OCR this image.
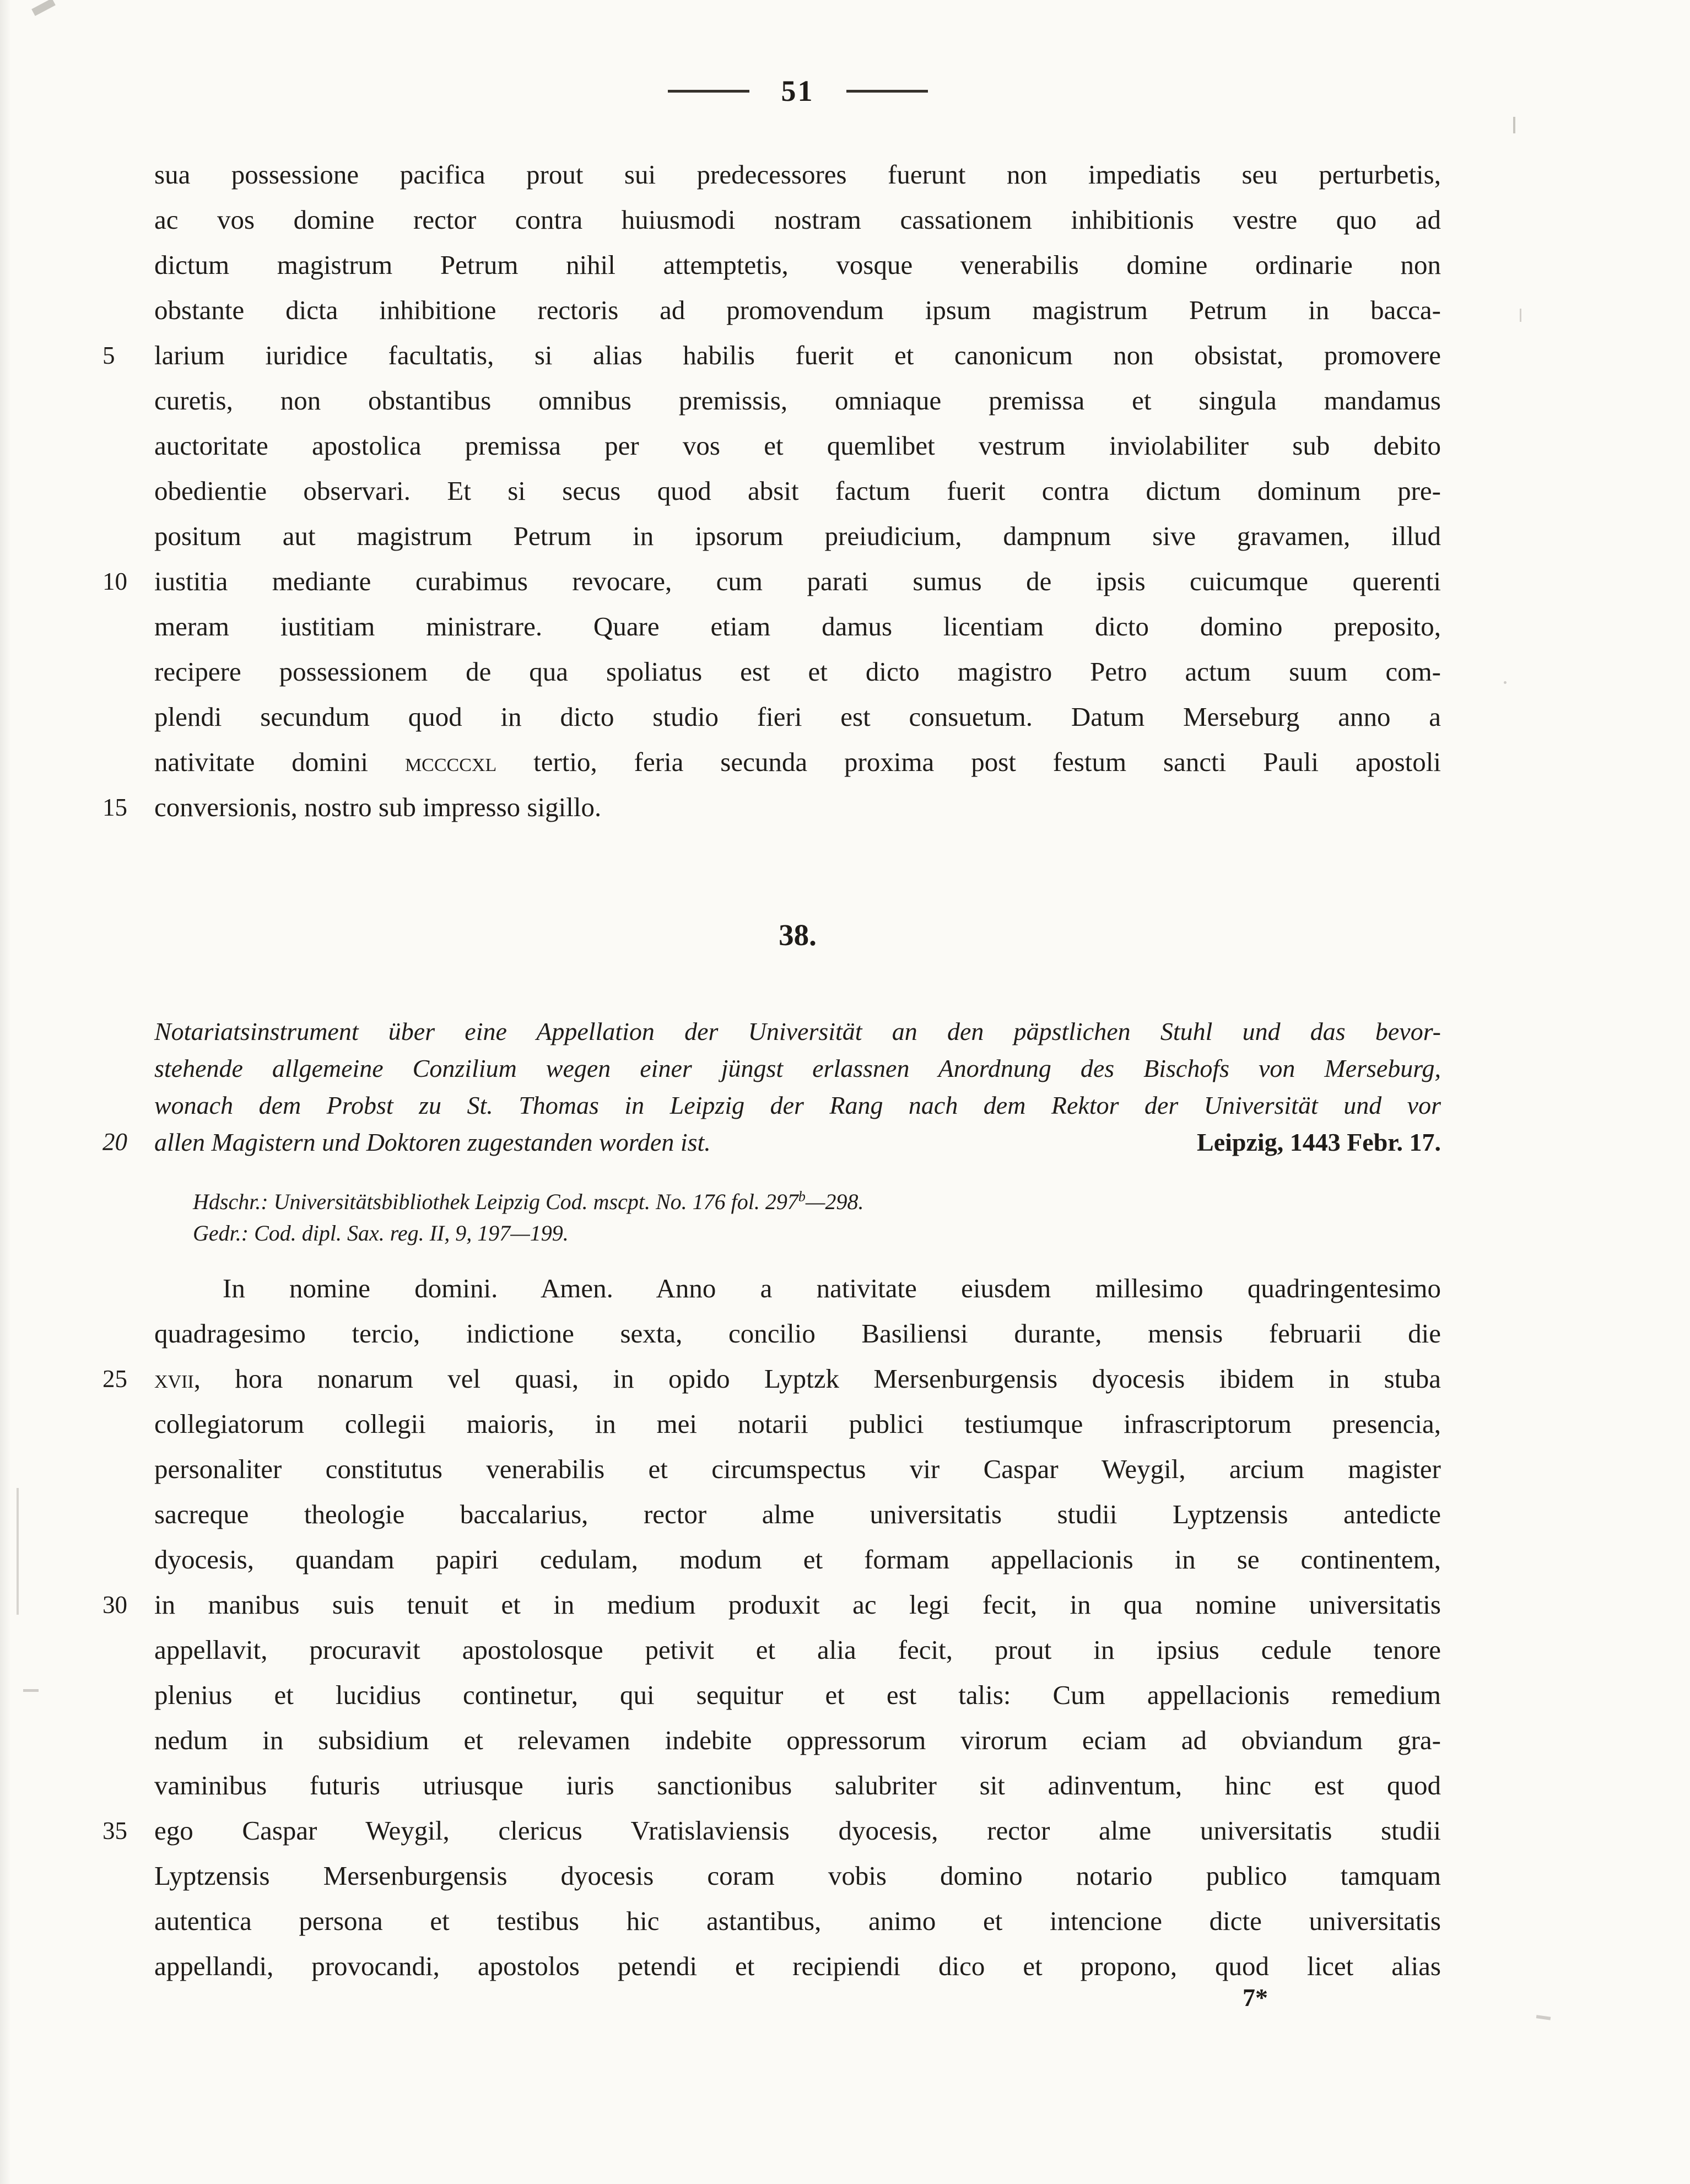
51
sua possessione pacifica prout sui predecessores fuerunt non impediatis seu perturbetis,
ac vos domine rector contra huiusmodi nostram cassationem inhibitionis vestre quo ad
dictum magistrum Petrum nihil attemptetis, vosque venerabilis domine ordinarie non
obstante dicta inhibitione rectoris ad promovendum ipsum magistrum Petrum in bacca-
5	larium iuridice facultatis, si alias habilis fuerit et canonicum non obsistat, promovere
curetis, non obstantibus omnibus premissis, omniaque premissa et singula mandamus
auctoritate apostolica premissa per vos et quemlibet vestrum inviolabiliter sub debito
obedientie observari. Et si secus quod absit factum fuerit contra dictum dominum pre-
positum aut magistrum Petrum in ipsorum preiudicium, dampnum sive gravamen, illud
10	iustitia mediante curabimus revocare, cum parati sumus de ipsis cuicumque querenti
meram iustitiam ministrare. Quare etiam damus licentiam dicto domino preposito,
recipere possessionem de qua spoliatus est et dicto magistro Petro actum suum com-
plendi secundum quod in dicto studio fieri est consuetum. Datum Merseburg anno a
nativitate domini mccccxl tertio, feria secunda proxima post festum sancti Pauli apostoli
15	conversionis, nostro sub impresso sigillo.
38.
Notariatsinstrument über eine Appellation der Universität an den päpstlichen Stuhl und das bevor-
stehende allgemeine Conzilium wegen einer jüngst erlassnen Anordnung des Bischofs von Merseburg,
wonach dem Probst zu St. Thomas in Leipzig der Rang nach dem Rektor der Universität und vor
20	allen Magistern und Doktoren zugestanden worden ist.	Leipzig, 1443 Febr. 17.
Hdschr.: Universitätsbibliothek Leipzig Cod. mscpt. No. 176 fol. 297$^b$—298.
Gedr.: Cod. dipl. Sax. reg. II, 9, 197—199.
In nomine domini. Amen. Anno a nativitate eiusdem millesimo quadringentesimo
quadragesimo tercio, indictione sexta, concilio Basiliensi durante, mensis februarii die
25	xvii, hora nonarum vel quasi, in opido Lyptzk Mersenburgensis dyocesis ibidem in stuba
collegiatorum collegii maioris, in mei notarii publici testiumque infrascriptorum presencia,
personaliter constitutus venerabilis et circumspectus vir Caspar Weygil, arcium magister
sacreque theologie baccalarius, rector alme universitatis studii Lyptzensis antedicte
dyocesis, quandam papiri cedulam, modum et formam appellacionis in se continentem,
30	in manibus suis tenuit et in medium produxit ac legi fecit, in qua nomine universitatis
appellavit, procuravit apostolosque petivit et alia fecit, prout in ipsius cedule tenore
plenius et lucidius continetur, qui sequitur et est talis: Cum appellacionis remedium
nedum in subsidium et relevamen indebite oppressorum virorum eciam ad obviandum gra-
vaminibus futuris utriusque iuris sanctionibus salubriter sit adinventum, hinc est quod
35	ego Caspar Weygil, clericus Vratislaviensis dyocesis, rector alme universitatis studii
Lyptzensis Mersenburgensis dyocesis coram vobis domino notario publico tamquam
autentica persona et testibus hic astantibus, animo et intencione dicte universitatis
appellandi, provocandi, apostolos petendi et recipiendi dico et propono, quod licet alias
7*
